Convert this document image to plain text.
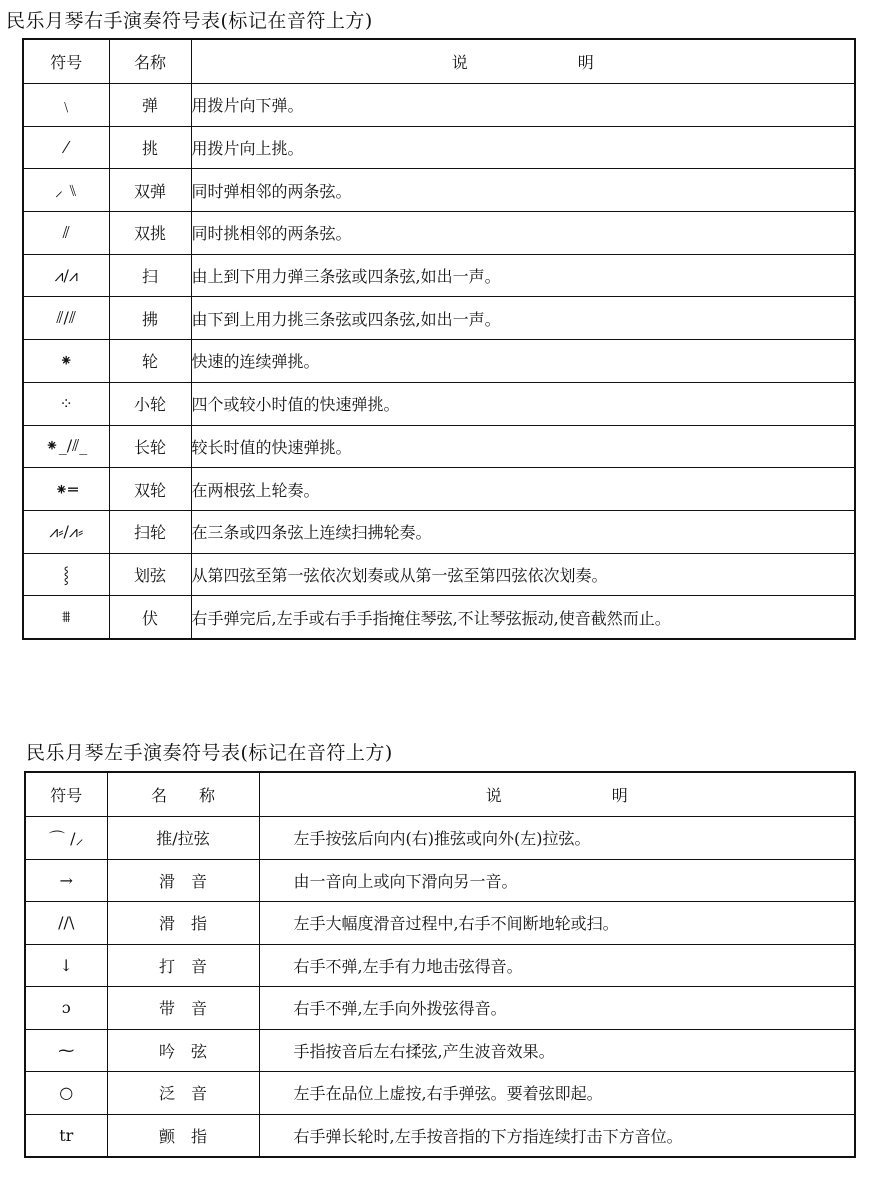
民乐月琴右手演奏符号表(标记在音符上方)
符号	名称	说 明
﹨	弹	用拨片向下弹。
⁄	挑	用拨片向上挑。
⸝ ⑊	双弹	同时弹相邻的两条弦。
⫽	双挑	同时挑相邻的两条弦。
⩘/⩘	扫	由上到下用力弹三条弦或四条弦,如出一声。
⫽/⫽	拂	由下到上用力挑三条弦或四条弦,如出一声。
⁕	轮	快速的连续弹挑。
⁘	小轮	四个或较小时值的快速弹挑。
⁕_/⫽_	长轮	较长时值的快速弹挑。
⁕═	双轮	在两根弦上轮奏。
⩘⸗/⩘⸗	扫轮	在三条或四条弦上连续扫拂轮奏。
⸾	划弦	从第四弦至第一弦依次划奏或从第一弦至第四弦依次划奏。
⩩	伏	右手弹完后,左手或右手手指掩住琴弦,不让琴弦振动,使音截然而止。
民乐月琴左手演奏符号表(标记在音符上方)
符号	名　　称	说 明
⌒ /⸝	推/拉弦	左手按弦后向内(右)推弦或向外(左)拉弦。
→	滑　音	由一音向上或向下滑向另一音。
//\	滑　指	左手大幅度滑音过程中,右手不间断地轮或扫。
↓	打　音	右手不弹,左手有力地击弦得音。
ɔ	带　音	右手不弹,左手向外拨弦得音。
⁓	吟　弦	手指按音后左右揉弦,产生波音效果。
○	泛　音	左手在品位上虚按,右手弹弦。要着弦即起。
tr	颤　指	右手弹长轮时,左手按音指的下方指连续打击下方音位。
